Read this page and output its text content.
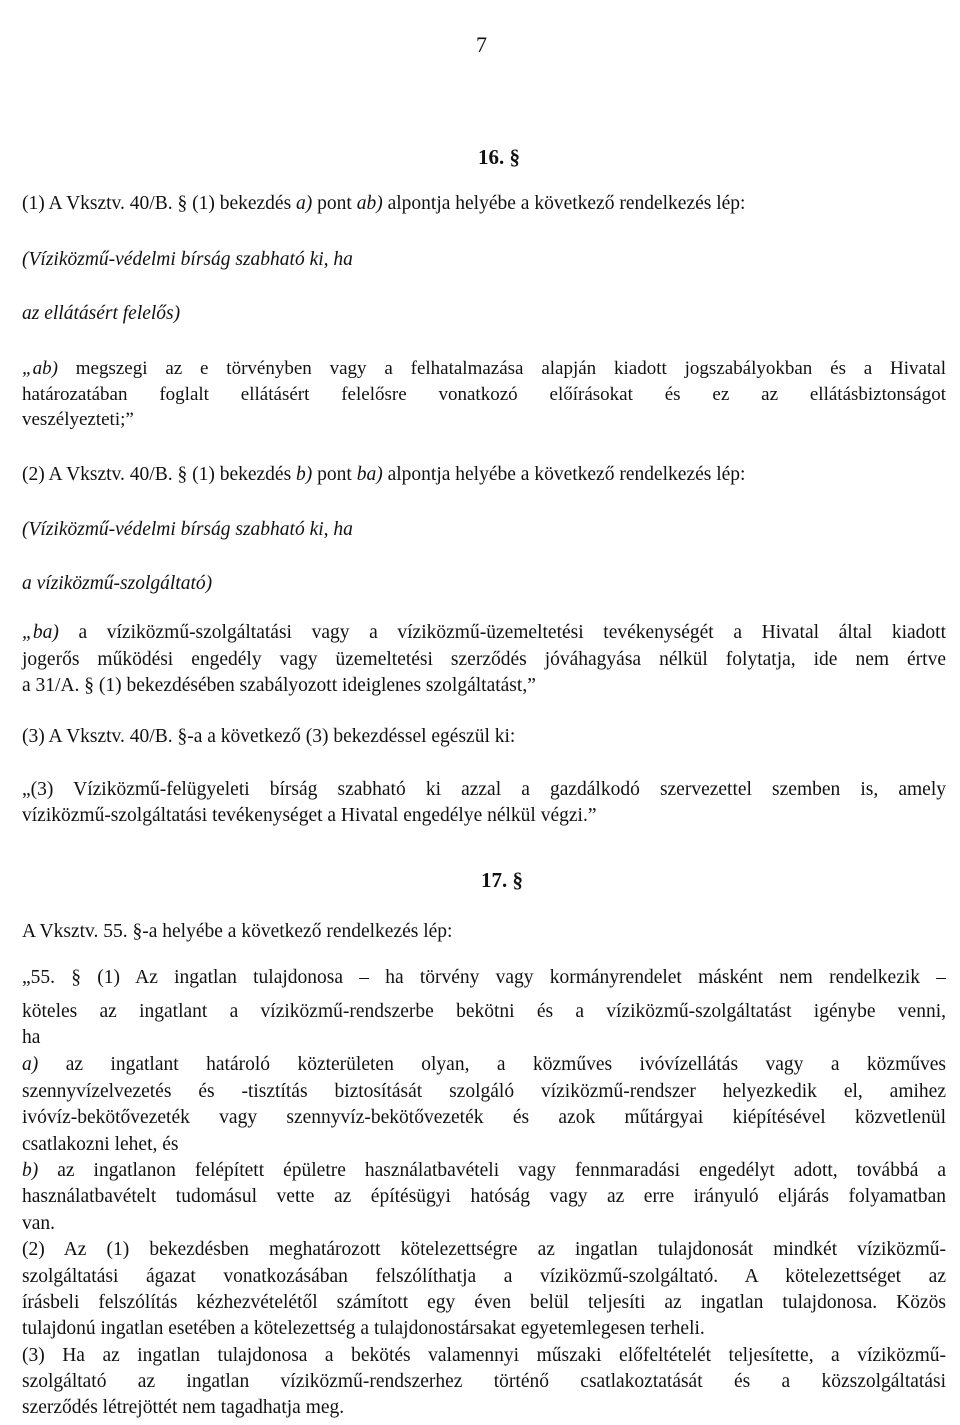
7
16. §
(1) A Vksztv. 40/B. § (1) bekezdés a) pont ab) alpontja helyébe a következő rendelkezés lép:
(Víziközmű-védelmi bírság szabható ki, ha
az ellátásért felelős)
„ab) megszegi az e törvényben vagy a felhatalmazása alapján kiadott jogszabályokban és a Hivatal
határozatában foglalt ellátásért felelősre vonatkozó előírásokat és ez az ellátásbiztonságot
veszélyezteti;”
(2) A Vksztv. 40/B. § (1) bekezdés b) pont ba) alpontja helyébe a következő rendelkezés lép:
(Víziközmű-védelmi bírság szabható ki, ha
a víziközmű-szolgáltató)
„ba) a víziközmű-szolgáltatási vagy a víziközmű-üzemeltetési tevékenységét a Hivatal által kiadott
jogerős működési engedély vagy üzemeltetési szerződés jóváhagyása nélkül folytatja, ide nem értve
a 31/A. § (1) bekezdésében szabályozott ideiglenes szolgáltatást,”
(3) A Vksztv. 40/B. §-a a következő (3) bekezdéssel egészül ki:
„(3) Víziközmű-felügyeleti bírság szabható ki azzal a gazdálkodó szervezettel szemben is, amely
víziközmű-szolgáltatási tevékenységet a Hivatal engedélye nélkül végzi.”
17. §
A Vksztv. 55. §-a helyébe a következő rendelkezés lép:
„55. § (1) Az ingatlan tulajdonosa – ha törvény vagy kormányrendelet másként nem rendelkezik –
köteles az ingatlant a víziközmű-rendszerbe bekötni és a víziközmű-szolgáltatást igénybe venni,
ha
a) az ingatlant határoló közterületen olyan, a közműves ivóvízellátás vagy a közműves
szennyvízelvezetés és -tisztítás biztosítását szolgáló víziközmű-rendszer helyezkedik el, amihez
ivóvíz-bekötővezeték vagy szennyvíz-bekötővezeték és azok műtárgyai kiépítésével közvetlenül
csatlakozni lehet, és
b) az ingatlanon felépített épületre használatbavételi vagy fennmaradási engedélyt adott, továbbá a
használatbavételt tudomásul vette az építésügyi hatóság vagy az erre irányuló eljárás folyamatban
van.
(2) Az (1) bekezdésben meghatározott kötelezettségre az ingatlan tulajdonosát mindkét víziközmű-
szolgáltatási ágazat vonatkozásában felszólíthatja a víziközmű-szolgáltató. A kötelezettséget az
írásbeli felszólítás kézhezvételétől számított egy éven belül teljesíti az ingatlan tulajdonosa. Közös
tulajdonú ingatlan esetében a kötelezettség a tulajdonostársakat egyetemlegesen terheli.
(3) Ha az ingatlan tulajdonosa a bekötés valamennyi műszaki előfeltételét teljesítette, a víziközmű-
szolgáltató az ingatlan víziközmű-rendszerhez történő csatlakoztatását és a közszolgáltatási
szerződés létrejöttét nem tagadhatja meg.
